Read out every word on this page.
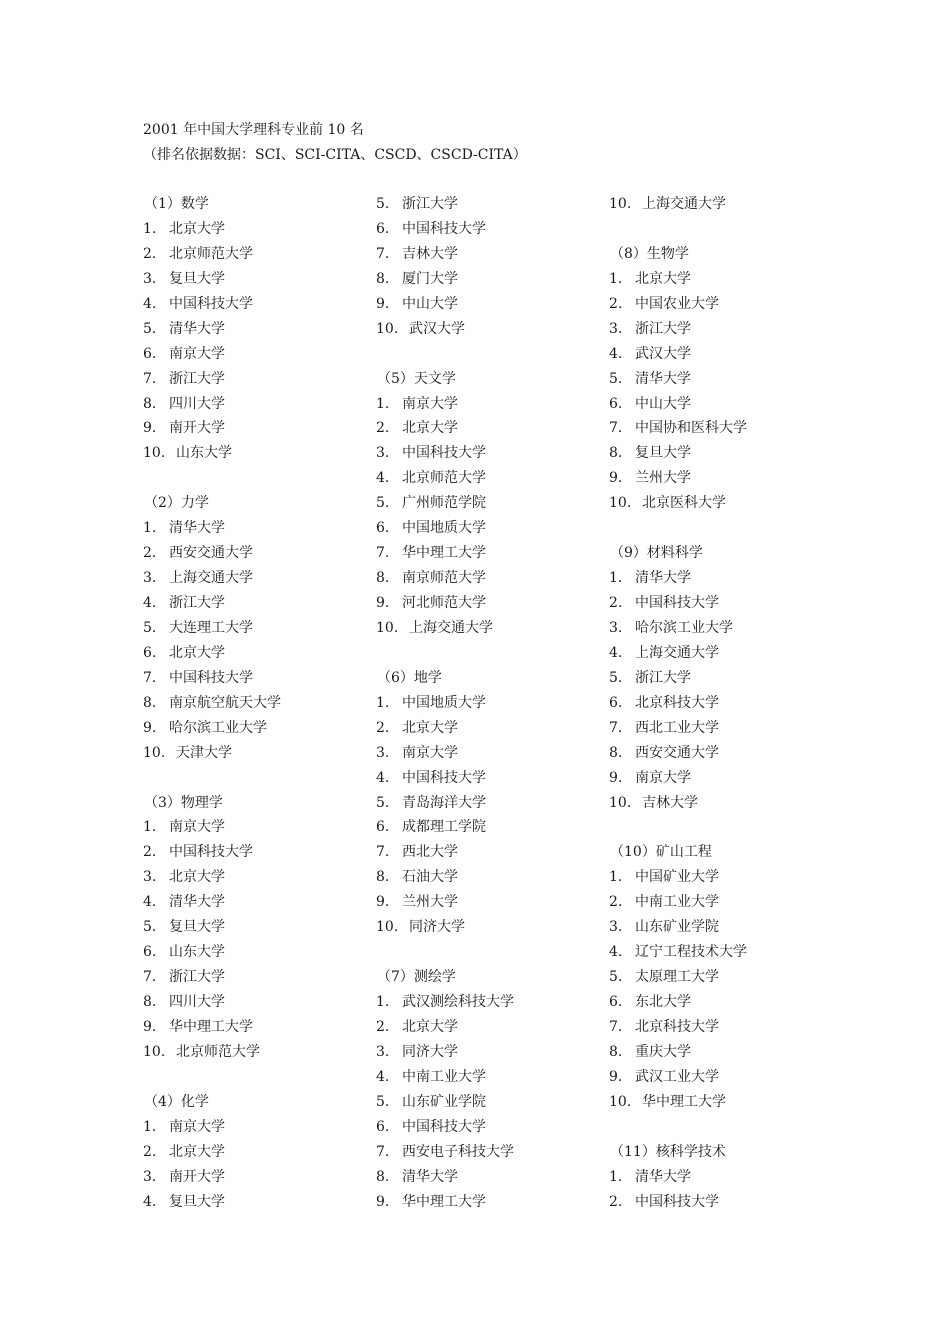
2001 年中国大学理科专业前 10 名
（排名依据数据：SCI、SCI-CITA、CSCD、CSCD-CITA）
（1）数学
1. 北京大学
2. 北京师范大学
3. 复旦大学
4. 中国科技大学
5. 清华大学
6. 南京大学
7. 浙江大学
8. 四川大学
9. 南开大学
10. 山东大学
（2）力学
1. 清华大学
2. 西安交通大学
3. 上海交通大学
4. 浙江大学
5. 大连理工大学
6. 北京大学
7. 中国科技大学
8. 南京航空航天大学
9. 哈尔滨工业大学
10. 天津大学
（3）物理学
1. 南京大学
2. 中国科技大学
3. 北京大学
4. 清华大学
5. 复旦大学
6. 山东大学
7. 浙江大学
8. 四川大学
9. 华中理工大学
10. 北京师范大学
（4）化学
1. 南京大学
2. 北京大学
3. 南开大学
4. 复旦大学
5. 浙江大学
6. 中国科技大学
7. 吉林大学
8. 厦门大学
9. 中山大学
10. 武汉大学
（5）天文学
1. 南京大学
2. 北京大学
3. 中国科技大学
4. 北京师范大学
5. 广州师范学院
6. 中国地质大学
7. 华中理工大学
8. 南京师范大学
9. 河北师范大学
10. 上海交通大学
（6）地学
1. 中国地质大学
2. 北京大学
3. 南京大学
4. 中国科技大学
5. 青岛海洋大学
6. 成都理工学院
7. 西北大学
8. 石油大学
9. 兰州大学
10. 同济大学
（7）测绘学
1. 武汉测绘科技大学
2. 北京大学
3. 同济大学
4. 中南工业大学
5. 山东矿业学院
6. 中国科技大学
7. 西安电子科技大学
8. 清华大学
9. 华中理工大学
10. 上海交通大学
（8）生物学
1. 北京大学
2. 中国农业大学
3. 浙江大学
4. 武汉大学
5. 清华大学
6. 中山大学
7. 中国协和医科大学
8. 复旦大学
9. 兰州大学
10. 北京医科大学
（9）材料科学
1. 清华大学
2. 中国科技大学
3. 哈尔滨工业大学
4. 上海交通大学
5. 浙江大学
6. 北京科技大学
7. 西北工业大学
8. 西安交通大学
9. 南京大学
10. 吉林大学
（10）矿山工程
1. 中国矿业大学
2. 中南工业大学
3. 山东矿业学院
4. 辽宁工程技术大学
5. 太原理工大学
6. 东北大学
7. 北京科技大学
8. 重庆大学
9. 武汉工业大学
10. 华中理工大学
（11）核科学技术
1. 清华大学
2. 中国科技大学
